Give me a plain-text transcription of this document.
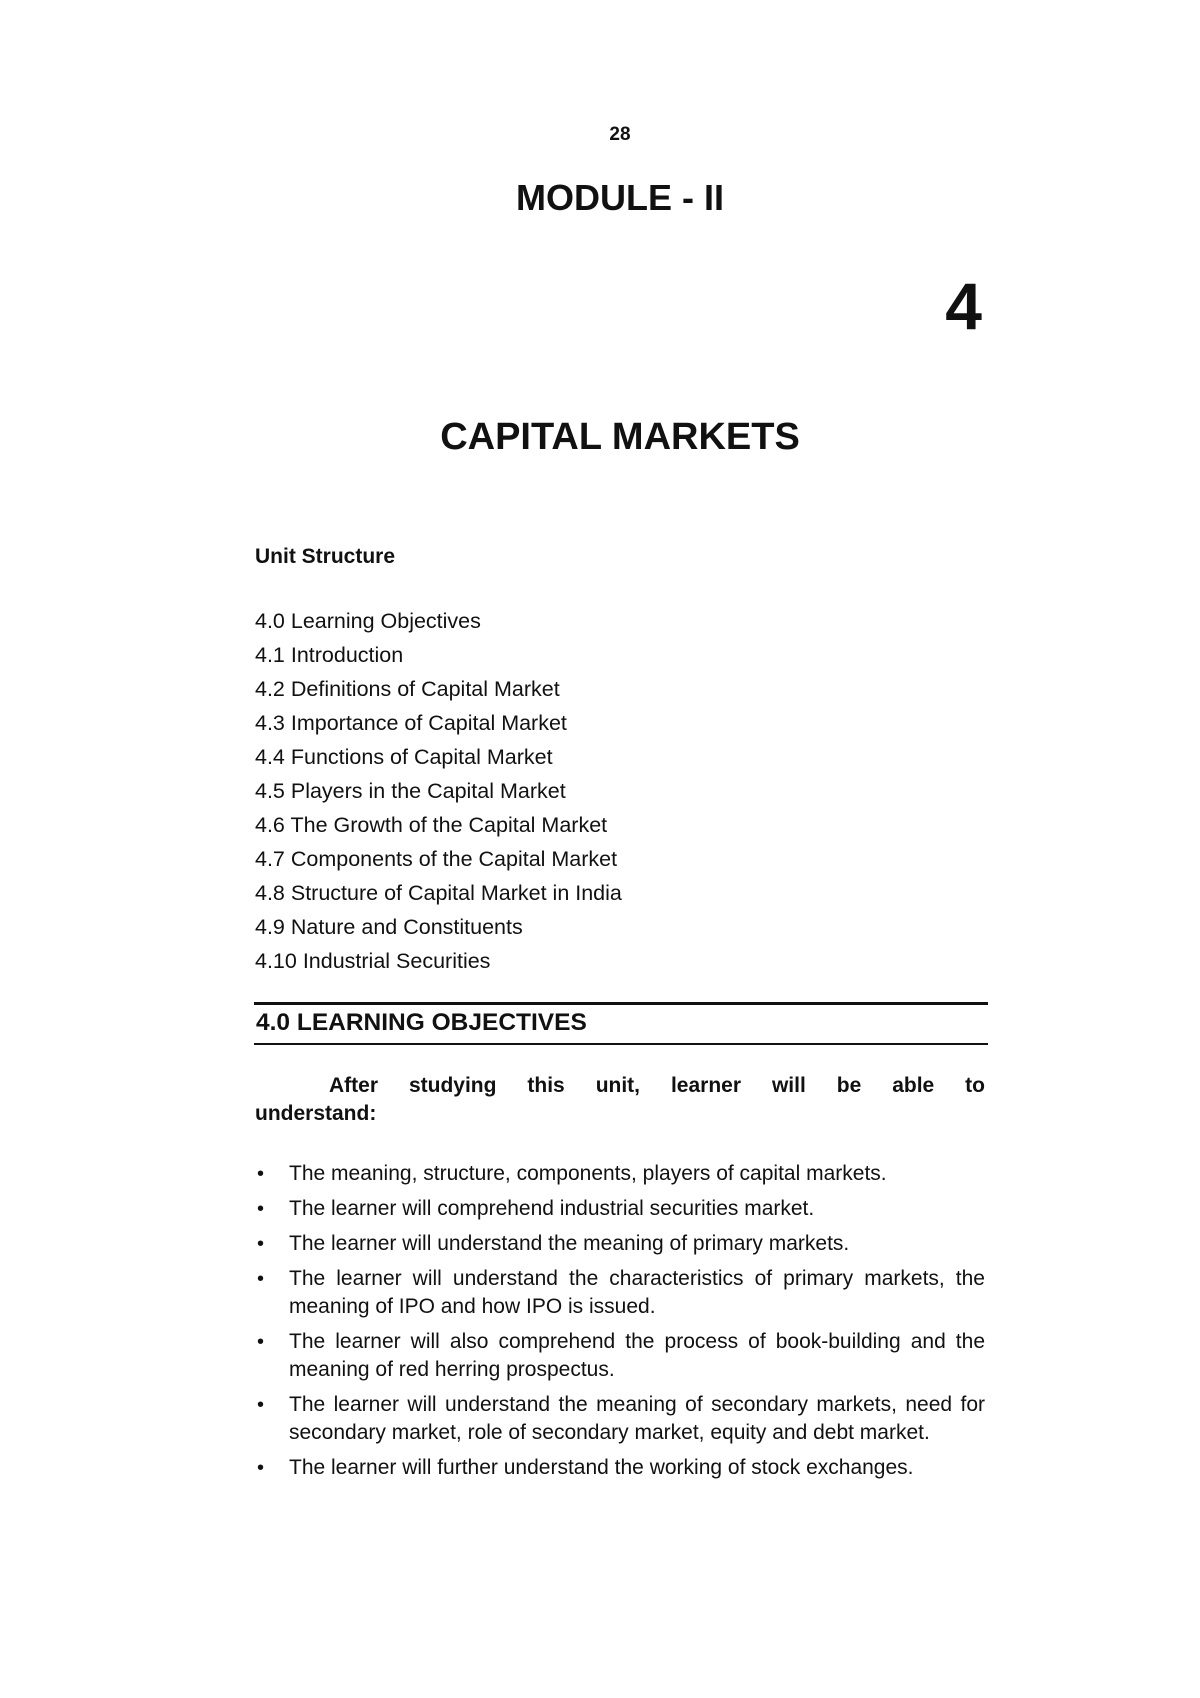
28
MODULE - II
4
CAPITAL MARKETS
Unit Structure
4.0 Learning Objectives
4.1 Introduction
4.2 Definitions of Capital Market
4.3 Importance of Capital Market
4.4 Functions of Capital Market
4.5 Players in the Capital Market
4.6 The Growth of the Capital Market
4.7 Components of the Capital Market
4.8 Structure of Capital Market in India
4.9 Nature and Constituents
4.10 Industrial Securities
4.0 LEARNING OBJECTIVES

After studying this unit, learner will be able to
understand:

• The meaning, structure, components, players of capital markets.
• The learner will comprehend industrial securities market.
• The learner will understand the meaning of primary markets.
• The learner will understand the characteristics of primary markets, the meaning of IPO and how IPO is issued.
• The learner will also comprehend the process of book-building and the meaning of red herring prospectus.
• The learner will understand the meaning of secondary markets, need for secondary market, role of secondary market, equity and debt market.
• The learner will further understand the working of stock exchanges.
